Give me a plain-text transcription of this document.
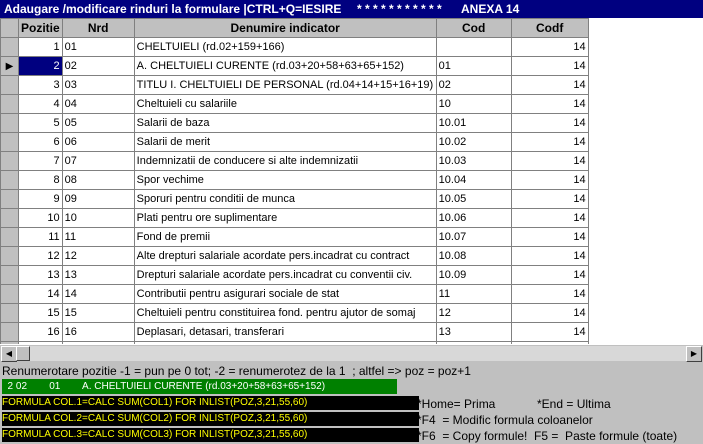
Adaugare /modificare rinduri la formulare |CTRL+Q=IESIRE

* * * * * * * * * * *

ANEXA 14

	Pozitie	Nrd	Denumire indicator	Cod	Codf
	1	01	CHELTUIELI (rd.02+159+166)		14
▶	2	02	A. CHELTUIELI CURENTE (rd.03+20+58+63+65+152)	01	14
	3	03	TITLU I. CHELTUIELI DE PERSONAL (rd.04+14+15+16+19)	02	14
	4	04	Cheltuieli cu salariile	10	14
	5	05	Salarii de baza	10.01	14
	6	06	Salarii de merit	10.02	14
	7	07	Indemnizatii de conducere si alte indemnizatii	10.03	14
	8	08	Spor vechime	10.04	14
	9	09	Sporuri pentru conditii de munca	10.05	14
	10	10	Plati pentru ore suplimentare	10.06	14
	11	11	Fond de premii	10.07	14
	12	12	Alte drepturi salariale acordate pers.incadrat cu contract	10.08	14
	13	13	Drepturi salariale acordate pers.incadrat cu conventii civ.	10.09	14
	14	14	Contributii pentru asigurari sociale de stat	11	14
	15	15	Cheltuieli pentru constituirea fond. pentru ajutor de somaj	12	14
	16	16	Deplasari, detasari, transferari	13	14

◀	▶
Renumerotare pozitie -1 = pun pe 0 tot; -2 = renumerotez de la 1  ; altfel => poz = poz+1
2 02        01        A. CHELTUIELI CURENTE (rd.03+20+58+63+65+152)
FORMULA COL.1=CALC SUM(COL1) FOR INLIST(POZ,3,21,55,60)
FORMULA COL.2=CALC SUM(COL2) FOR INLIST(POZ,3,21,55,60)
FORMULA COL.3=CALC SUM(COL3) FOR INLIST(POZ,3,21,55,60)
*Home= Prima	*End = Ultima
*F4  = Modific formula coloanelor
*F6  = Copy formule!  F5 =  Paste formule (toate)
